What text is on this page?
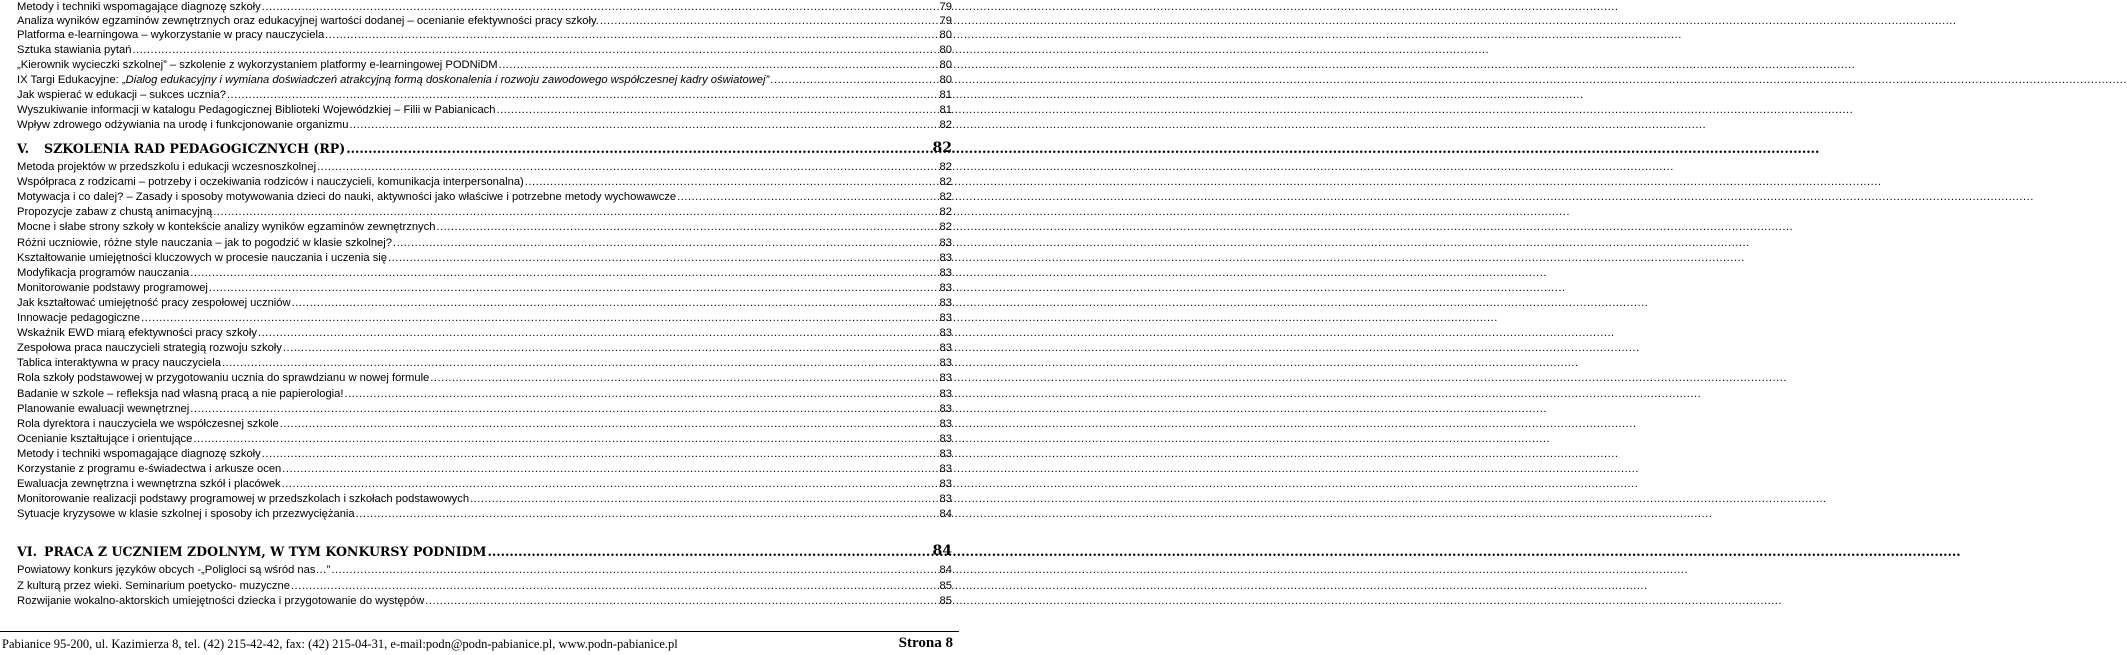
Metody i techniki wspomagające diagnozę szkoły .....	79
Analiza wyników egzaminów zewnętrznych oraz edukacyjnej wartości dodanej – ocenianie efektywności pracy szkoły. .....	79
Platforma e-learningowa – wykorzystanie w pracy nauczyciela .....	80
Sztuka stawiania pytań .....	80
„Kierownik wycieczki szkolnej” – szkolenie z wykorzystaniem platformy e-learningowej PODNiDM .....	80
IX Targi Edukacyjne: „Dialog edukacyjny i wymiana doświadczeń atrakcyjną formą doskonalenia i rozwoju zawodowego współczesnej kadry oświatowej” .....	80
Jak wspierać w edukacji – sukces ucznia? .....	81
Wyszukiwanie informacji w katalogu Pedagogicznej Biblioteki Wojewódzkiej – Filii w Pabianicach .....	81
Wpływ zdrowego odżywiania na urodę i funkcjonowanie organizmu .....	82
V.	SZKOLENIA RAD PEDAGOGICZNYCH (RP) .....	82
Metoda projektów w przedszkolu i edukacji wczesnoszkolnej .....	82
Współpraca z rodzicami – potrzeby i oczekiwania rodziców i nauczycieli, komunikacja interpersonalna) .....	82
Motywacja i co dalej? – Zasady i sposoby motywowania dzieci do nauki, aktywności jako właściwe i potrzebne metody wychowawcze .....	82
Propozycje zabaw z chustą animacyjną .....	82
Mocne i słabe strony szkoły w kontekście analizy wyników egzaminów zewnętrznych .....	82
Różni uczniowie, różne style nauczania – jak to pogodzić w klasie szkolnej? .....	83
Kształtowanie umiejętności kluczowych w procesie nauczania i uczenia się .....	83
Modyfikacja programów nauczania .....	83
Monitorowanie podstawy programowej .....	83
Jak kształtować umiejętność pracy zespołowej uczniów .....	83
Innowacje pedagogiczne .....	83
Wskaźnik EWD miarą efektywności pracy szkoły .....	83
Zespołowa praca nauczycieli strategią rozwoju szkoły .....	83
Tablica interaktywna w pracy nauczyciela .....	83
Rola szkoły podstawowej w przygotowaniu ucznia do sprawdzianu w nowej formule .....	83
Badanie w szkole – refleksja nad własną pracą a nie papierologia! .....	83
Planowanie ewaluacji wewnętrznej .....	83
Rola dyrektora i nauczyciela we współczesnej szkole .....	83
Ocenianie kształtujące i orientujące .....	83
Metody i techniki wspomagające diagnozę szkoły .....	83
Korzystanie z programu e-świadectwa i arkusze ocen .....	83
Ewaluacja zewnętrzna i wewnętrzna szkół i placówek .....	83
Monitorowanie realizacji podstawy programowej w przedszkolach i szkołach podstawowych .....	83
Sytuacje kryzysowe w klasie szkolnej i sposoby ich przezwyciężania .....	84
VI. PRACA Z UCZNIEM ZDOLNYM, W TYM KONKURSY PODNIDM .....	84
Powiatowy konkurs języków obcych -„Poligloci są wśród nas…” .....	84
Z kulturą przez wieki. Seminarium poetycko- muzyczne .....	85
Rozwijanie wokalno-aktorskich umiejętności dziecka i przygotowanie do występów .....	85
Pabianice 95-200, ul. Kazimierza 8, tel. (42) 215-42-42, fax: (42) 215-04-31, e-mail:podn@podn-pabianice.pl, www.podn-pabianice.pl	Strona 8
